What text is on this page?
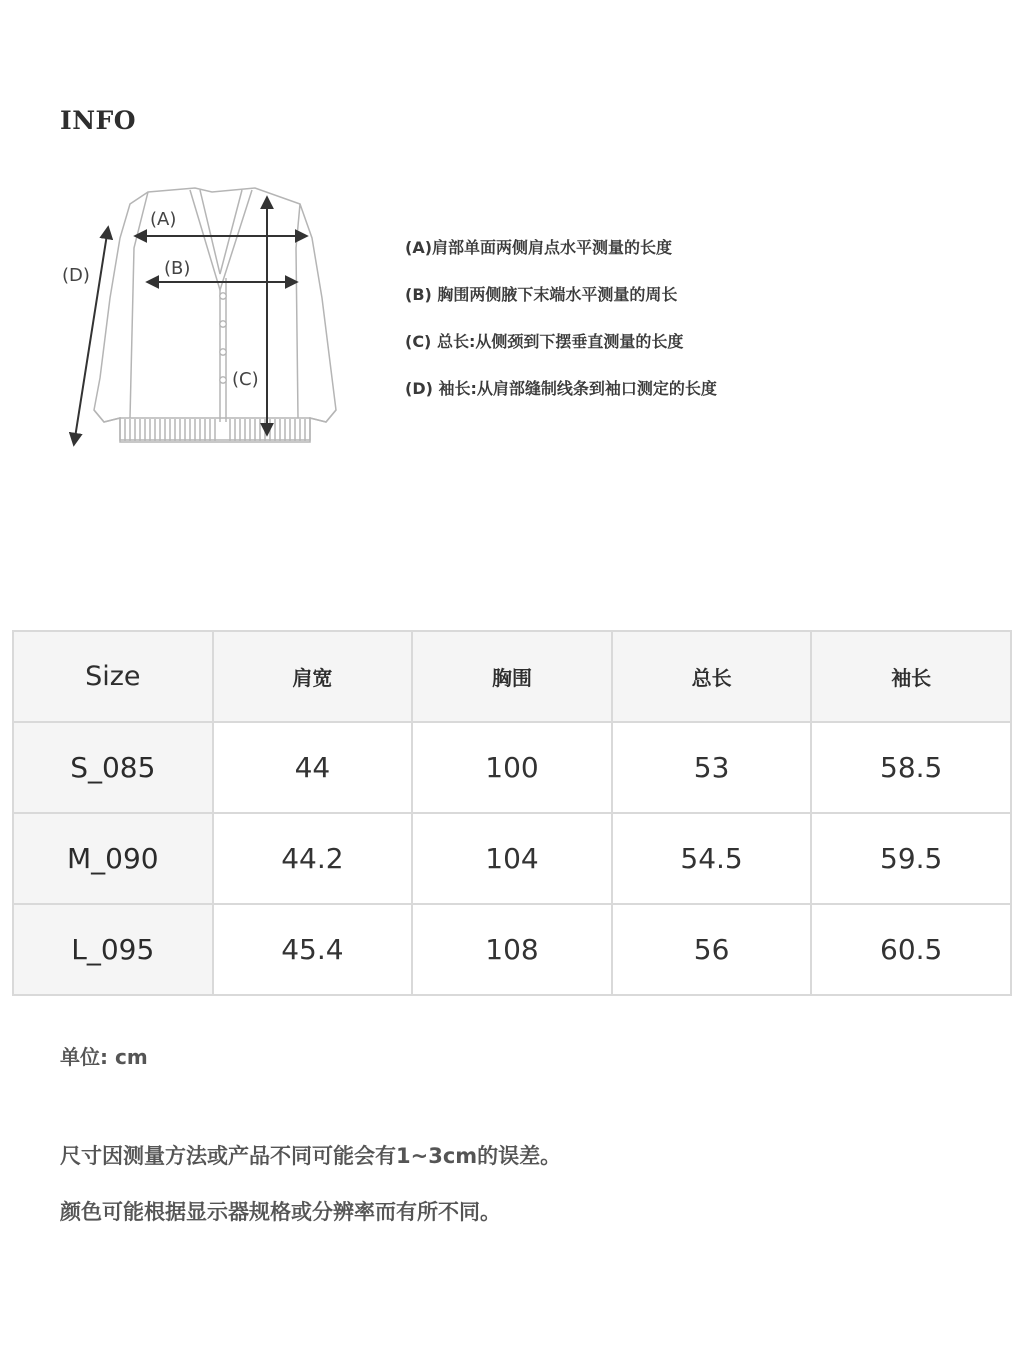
INFO
(A)
(B)
(C)
(D)
(A)肩部单面两侧肩点水平测量的长度
(B) 胸围两侧腋下末端水平测量的周长
(C) 总长:从侧颈到下摆垂直测量的长度
(D) 袖长:从肩部缝制线条到袖口测定的长度
Size	肩宽	胸围	总长	袖长
S_085	44	100	53	58.5
M_090	44.2	104	54.5	59.5
L_095	45.4	108	56	60.5
单位: cm
尺寸因测量方法或产品不同可能会有1~3cm的误差。
颜色可能根据显示器规格或分辨率而有所不同。
